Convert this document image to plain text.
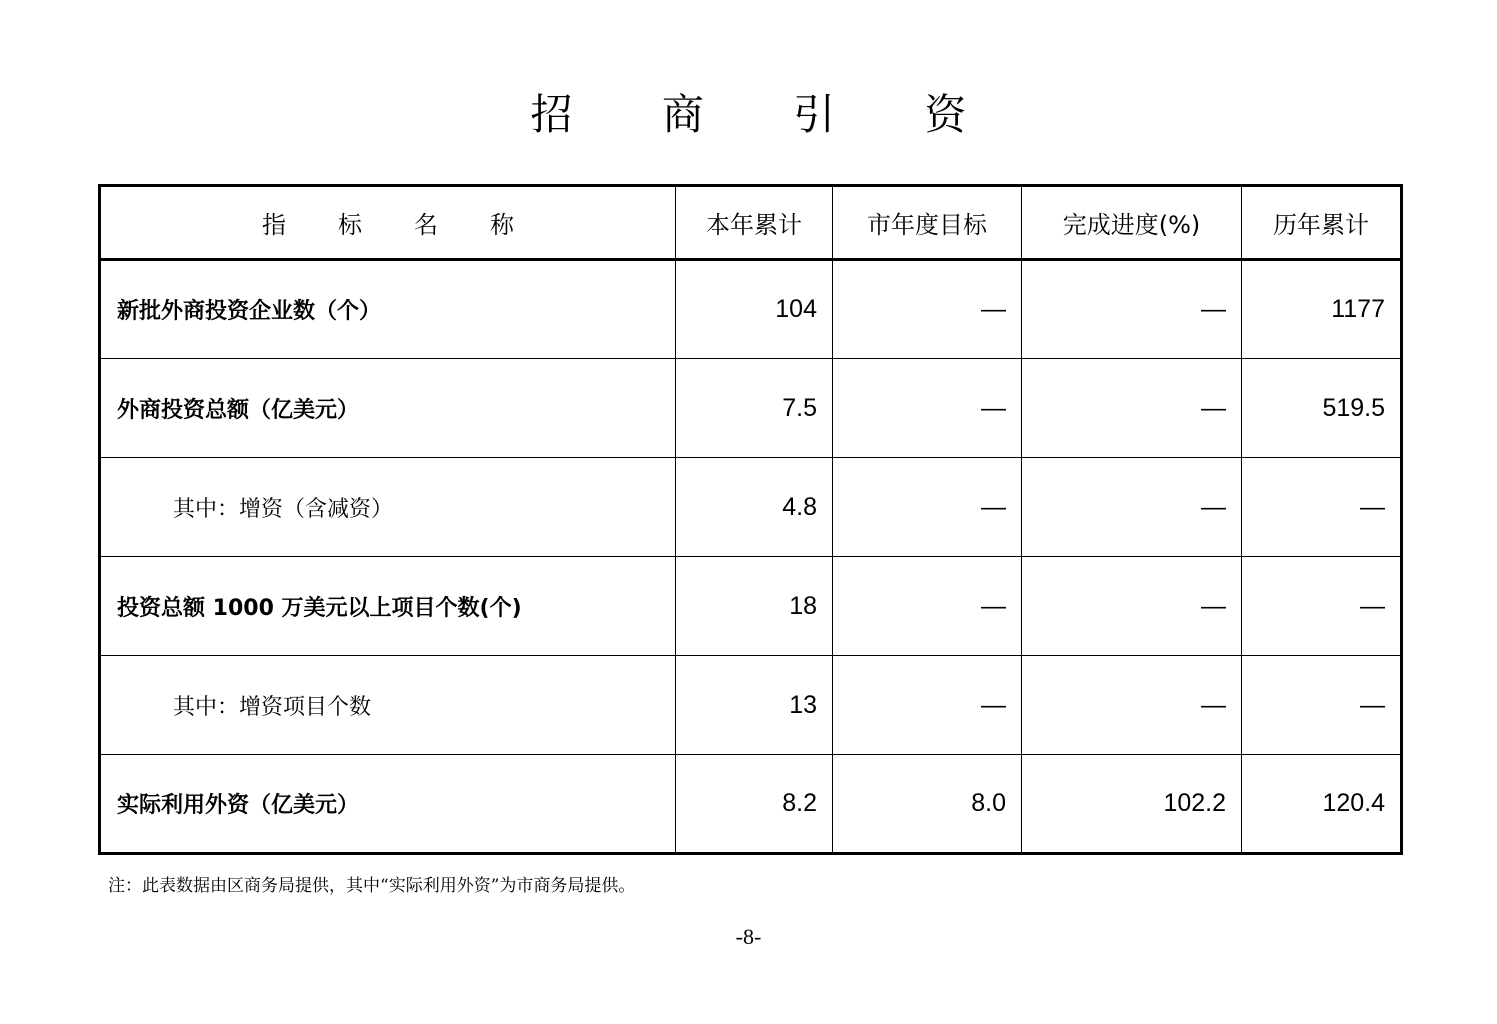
招 商 引 资
指标名称	本年累计	市年度目标	完成进度(%)	历年累计
新批外商投资企业数（个）	104	—	—	1177
外商投资总额（亿美元）	7.5	—	—	519.5
其中：增资（含减资）	4.8	—	—	—
投资总额 1000 万美元以上项目个数(个)	18	—	—	—
其中：增资项目个数	13	—	—	—
实际利用外资（亿美元）	8.2	8.0	102.2	120.4
注：此表数据由区商务局提供，其中“实际利用外资”为市商务局提供。
-8-
